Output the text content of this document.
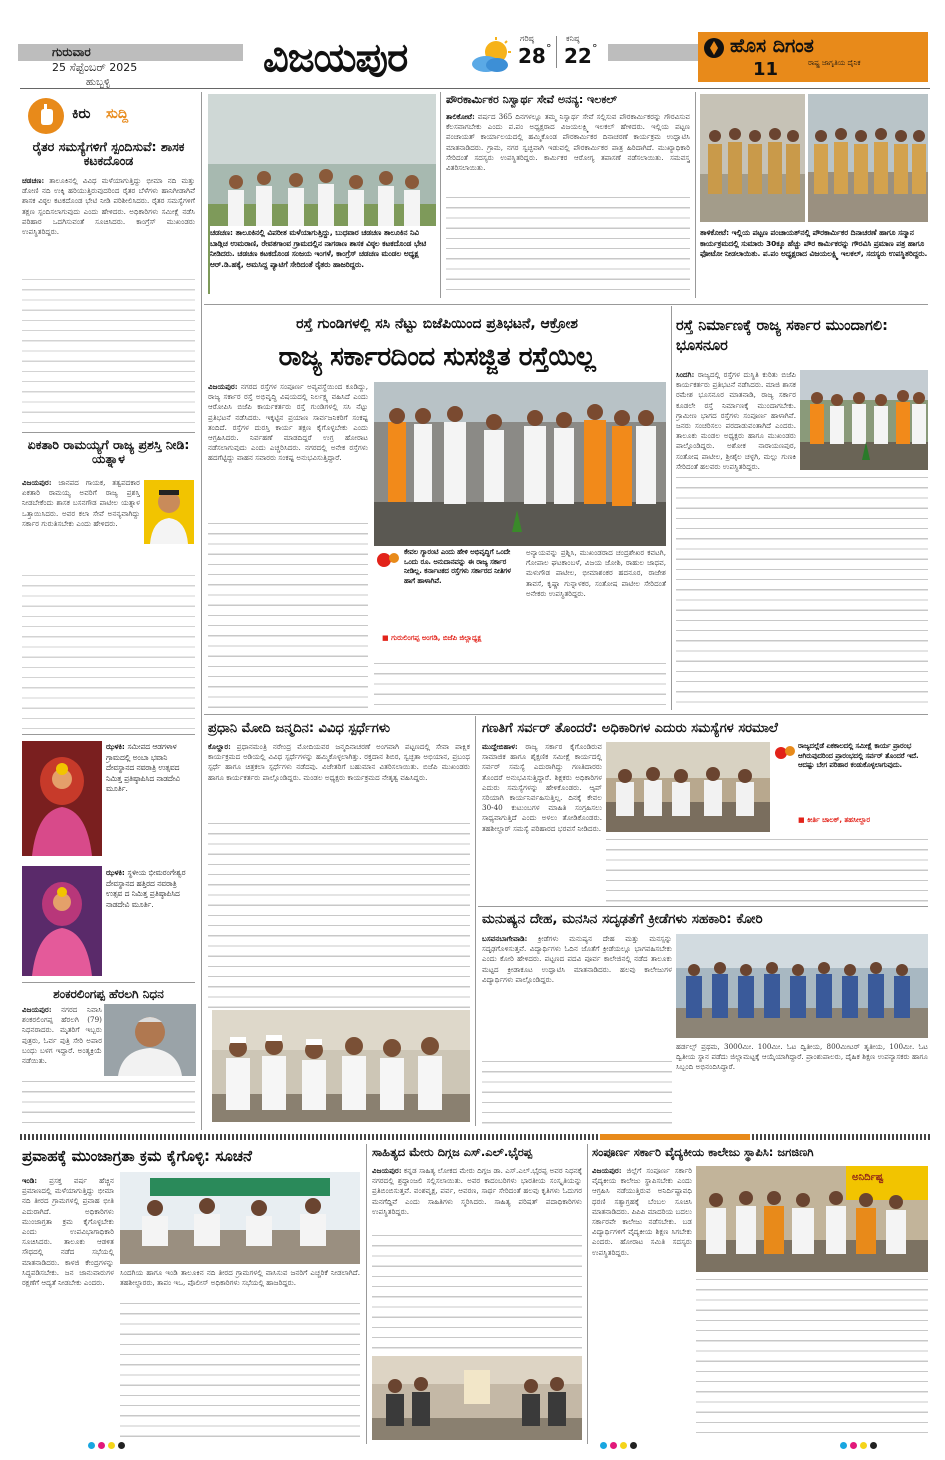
ಗುರುವಾರ
25 ಸೆಪ್ಟೆಂಬರ್ 2025
ಹುಬ್ಬಳ್ಳಿ
ವಿಜಯಪುರ	ಗರಿಷ್ಠ
28 °
ಕನಿಷ್ಠ
22 °	ಹೊಸ ದಿಗಂತ
ರಾಷ್ಟ್ರ ಜಾಗೃತಿಯ ದೈನಿಕ
11
ಕಿರು ಸುದ್ದಿ
ರೈತರ ಸಮಸ್ಯೆಗಳಿಗೆ ಸ್ಪಂದಿಸುವೆ: ಶಾಸಕ ಕಟಕದೊಂಡ
ಚಡಚಣ: ತಾಲೂಕಿನಲ್ಲಿ ವಿವಿಧ ಮಳೆಯಾಗುತ್ತಿದ್ದು ಭೀಮಾ ನದಿ ಮತ್ತು ಡೋಣಿ ನದಿ ಉಕ್ಕಿ ಹರಿಯುತ್ತಿರುವುದರಿಂದ ರೈತರ ಬೆಳೆಗಳು ಹಾನಿಗೀಡಾಗಿವೆ ಶಾಸಕ ವಿಠ್ಠಲ ಕಟಕದೊಂಡ ಭೇಟಿ ನೀಡಿ ಪರಿಶೀಲಿಸಿದರು. ರೈತರ ಸಮಸ್ಯೆಗಳಿಗೆ ತಕ್ಷಣ ಸ್ಪಂದಿಸಲಾಗುವುದು ಎಂದು ಹೇಳಿದರು. ಅಧಿಕಾರಿಗಳು ಸಮೀಕ್ಷೆ ನಡೆಸಿ ಪರಿಹಾರ ಒದಗಿಸುವಂತೆ ಸೂಚಿಸಿದರು. ಕಾಂಗ್ರೆಸ್ ಮುಖಂಡರು ಉಪಸ್ಥಿತರಿದ್ದರು.
ಏಕತಾರಿ ರಾಮಯ್ಯಗೆ ರಾಜ್ಯ ಪ್ರಶಸ್ತಿ ನೀಡಿ: ಯತ್ನಾಳ
ವಿಜಯಪುರ: ಜಾನಪದ ಗಾಯಕ, ತತ್ವಪದಕಾರ ಏಕತಾರಿ ರಾಮಯ್ಯ ಅವರಿಗೆ ರಾಜ್ಯ ಪ್ರಶಸ್ತಿ ನೀಡಬೇಕೆಂದು ಶಾಸಕ ಬಸನಗೌಡ ಪಾಟೀಲ ಯತ್ನಾಳ ಒತ್ತಾಯಿಸಿದರು. ಅವರ ಕಲಾ ಸೇವೆ ಅನನ್ಯವಾಗಿದ್ದು ಸರ್ಕಾರ ಗುರುತಿಸಬೇಕು ಎಂದು ಹೇಳಿದರು.
ಝಳಕಿ: ಸಮೀಪದ ಆಡಗಳಾಳ ಗ್ರಾಮದಲ್ಲಿ ಅಂಬಾ ಭವಾನಿ ದೇವಸ್ಥಾನದ ನವರಾತ್ರಿ ಉತ್ಸವದ ನಿಮಿತ್ತ ಪ್ರತಿಷ್ಠಾಪಿಸಿದ ನಾಡದೇವಿ ಮೂರ್ತಿ.
ಝಳಕಿ: ಸ್ಥಳೀಯ ಭೀಮರಂಗೇಶ್ವರ ದೇವಸ್ಥಾನದ ಹತ್ತಿರದ ನವರಾತ್ರಿ ಉತ್ಸವ ದ ನಿಮಿತ್ತ ಪ್ರತಿಷ್ಠಾಪಿಸಿದ ನಾಡದೇವಿ ಮೂರ್ತಿ.
ಶಂಕರಲಿಂಗಪ್ಪ ಹೆರಲಗಿ ನಿಧನ
ವಿಜಯಪುರ: ನಗರದ ನಿವಾಸಿ ಶಂಕರಲಿಂಗಪ್ಪ ಹೆರಲಗಿ (79) ನಿಧನರಾದರು. ಮೃತರಿಗೆ ಇಬ್ಬರು ಪುತ್ರರು, ಓರ್ವ ಪುತ್ರಿ ಸೇರಿ ಅಪಾರ ಬಂಧು ಬಳಗ ಇದ್ದಾರೆ. ಅಂತ್ಯಕ್ರಿಯೆ ನಡೆಯಿತು.
ಚಡಚಣ: ತಾಲೂಕಿನಲ್ಲಿ ವಿಪರೀತ ಮಳೆಯಾಗುತ್ತಿದ್ದು, ಬುಧವಾರ ಚಡಚಣ ತಾಲೂಕಿನ ನಿವಿ ಬಾಡ್ಗಿಚ ಉಮರಾಣಿ, ರೇವತಗಾಂವ ಗ್ರಾಮದಲ್ಲಿನ ನಾಗಠಾಣ ಶಾಸಕ ವಿಠ್ಠಲ ಕಟಕದೊಂಡ ಭೇಟಿ ನೀಡಿದರು. ಚಡಚಣ ಕಟಕದೊಂಡ ಸಂಜಯ ಇಂಗಳೆ, ಕಾಂಗ್ರೆಸ್ ಚಡಚಣ ಮಂಡಲ ಅಧ್ಯಕ್ಷ ಆರ್.ಡಿ.ಹಕ್ಕೆ, ಅಮಸಿದ್ದ ಪ್ಯಾಟಿಗೆ ಸೇರಿದಂತೆ ರೈತರು ಹಾಜರಿದ್ದರು.
ಪೌರಕಾರ್ಮಿಕರ ನಿಸ್ವಾರ್ಥ ಸೇವೆ ಅನನ್ಯ: ಇಲಕಲ್
ತಾಲಿಕೋಟೆ: ವರ್ಷದ 365 ದಿನಗಳಲ್ಲೂ ತಮ್ಮ ನಿಸ್ವಾರ್ಥ ಸೇವೆ ಸಲ್ಲಿಸುವ ಪೌರಕಾರ್ಮಿಕರನ್ನು ಗೌರವಿಸುವ ಕೆಲಸವಾಗಬೇಕು ಎಂದು ಪ.ಪಂ ಅಧ್ಯಕ್ಷರಾದ ವಿಜಯಲಕ್ಷ್ಮಿ ಇಲಕಲ್ ಹೇಳಿದರು. ಇಲ್ಲಿಯ ಪಟ್ಟಣ ಪಂಚಾಯತ್ ಕಾರ್ಯಾಲಯದಲ್ಲಿ ಹಮ್ಮಿಕೊಂಡ ಪೌರಕಾರ್ಮಿಕರ ದಿನಾಚರಣೆ ಕಾರ್ಯಕ್ರಮ ಉದ್ಘಾಟಿಸಿ ಮಾತನಾಡಿದರು. ಗ್ರಾಮ, ನಗರ ಸ್ವಚ್ಛವಾಗಿ ಇಡುವಲ್ಲಿ ಪೌರಕಾರ್ಮಿಕರ ಪಾತ್ರ ಹಿರಿದಾಗಿದೆ. ಮುಖ್ಯಾಧಿಕಾರಿ ಸೇರಿದಂತೆ ಸದಸ್ಯರು ಉಪಸ್ಥಿತರಿದ್ದರು. ಕಾರ್ಮಿಕರ ಆರೋಗ್ಯ ತಪಾಸಣೆ ನಡೆಸಲಾಯಿತು. ಸಮವಸ್ತ್ರ ವಿತರಿಸಲಾಯಿತು.
ತಾಳಿಕೋಟೆ: ಇಲ್ಲಿಯ ಪಟ್ಟಣ ಪಂಚಾಯತ್‌ನಲ್ಲಿ ಪೌರಕಾರ್ಮಿಕರ ದಿನಾಚರಣೆ ಹಾಗೂ ಸನ್ಮಾನ ಕಾರ್ಯಕ್ರಮದಲ್ಲಿ ಸುಮಾರು 30ಕ್ಕೂ ಹೆಚ್ಚು ಪೌರ ಕಾರ್ಮಿಕರನ್ನು ಗೌರವಿಸಿ ಪ್ರಮಾಣ ಪತ್ರ ಹಾಗೂ ಫೋಟೋ ನೀಡಲಾಯಿತು. ಪ.ಪಂ ಅಧ್ಯಕ್ಷರಾದ ವಿಜಯಲಕ್ಷ್ಮಿ ಇಲಕಲ್, ಸದಸ್ಯರು ಉಪಸ್ಥಿತರಿದ್ದರು.
ರಸ್ತೆ ಗುಂಡಿಗಳಲ್ಲಿ ಸಸಿ ನೆಟ್ಟು ಬಿಜೆಪಿಯಿಂದ ಪ್ರತಿಭಟನೆ, ಆಕ್ರೋಶ
ರಾಜ್ಯ ಸರ್ಕಾರದಿಂದ ಸುಸಜ್ಜಿತ ರಸ್ತೆಯಿಲ್ಲ
ವಿಜಯಪುರ: ನಗರದ ರಸ್ತೆಗಳ ಸಂಪೂರ್ಣ ಅವ್ಯವಸ್ಥೆಯಿಂದ ಕೂಡಿದ್ದು, ರಾಜ್ಯ ಸರ್ಕಾರ ರಸ್ತೆ ಅಭಿವೃದ್ಧಿ ವಿಷಯದಲ್ಲಿ ನಿರ್ಲಕ್ಷ್ಯ ವಹಿಸಿದೆ ಎಂದು ಆರೋಪಿಸಿ ಬಿಜೆಪಿ ಕಾರ್ಯಕರ್ತರು ರಸ್ತೆ ಗುಂಡಿಗಳಲ್ಲಿ ಸಸಿ ನೆಟ್ಟು ಪ್ರತಿಭಟನೆ ನಡೆಸಿದರು. ಇಕ್ಕಟ್ಟಿನ ಪ್ರಯಾಣ ಸಾರ್ವಜನಿಕರಿಗೆ ಸಂಕಷ್ಟ ತಂದಿದೆ. ರಸ್ತೆಗಳ ದುರಸ್ತಿ ಕಾರ್ಯ ತಕ್ಷಣ ಕೈಗೊಳ್ಳಬೇಕು ಎಂದು ಆಗ್ರಹಿಸಿದರು. ನಿರ್ವಹಣೆ ಮಾಡದಿದ್ದರೆ ಉಗ್ರ ಹೋರಾಟ ನಡೆಸಲಾಗುವುದು ಎಂದು ಎಚ್ಚರಿಸಿದರು. ನಗರದಲ್ಲಿ ಅನೇಕ ರಸ್ತೆಗಳು ಹದಗೆಟ್ಟಿದ್ದು ವಾಹನ ಸವಾರರು ಸಂಕಷ್ಟ ಅನುಭವಿಸುತ್ತಿದ್ದಾರೆ.
ಕೇವಲ ಗ್ಯಾರಂಟಿ ಎಂದು ಹೇಳಿ ಅಭಿವೃದ್ಧಿಗೆ ಒಂದೇ ಒಂದು ರೂ. ಅನುದಾನವನ್ನು ಈ ರಾಜ್ಯ ಸರ್ಕಾರ ನೀಡಿಲ್ಲ. ಕರ್ನಾಟಕದ ರಸ್ತೆಗಳು ಸರ್ಕಾರದ ನೀತಿಗಳ ಹಾಗೆ ಹಾಳಾಗಿವೆ.
■ ಗುರುಲಿಂಗಪ್ಪ ಅಂಗಡಿ, ಬಿಜೆಪಿ ಜಿಲ್ಲಾಧ್ಯಕ್ಷ
ಅನ್ಯಾಯವನ್ನು ಪ್ರಶ್ನಿಸಿ, ಮುಖಂಡರಾದ ಚಂದ್ರಶೇಖರ ಕವಟಗಿ, ಗೋಪಾಲ ಘಟಕಾಂಬಳೆ, ವಿಜಯ ಜೋಶಿ, ರಾಹುಲ ಜಾಧವ, ಮಳುಗೌಡ ಪಾಟೀಲ, ಭೀಮಾಶಂಕರ ಹದನೂರ, ರಾಜೇಶ ತಾವಸೆ, ಕೃಷ್ಣಾ ಗುನ್ನಾಳಕರ, ಸಂತೋಷ ಪಾಟೀಲ ಸೇರಿದಂತೆ ಅನೇಕರು ಉಪಸ್ಥಿತರಿದ್ದರು.
ರಸ್ತೆ ನಿರ್ಮಾಣಕ್ಕೆ ರಾಜ್ಯ ಸರ್ಕಾರ ಮುಂದಾಗಲಿ: ಭೂಸನೂರ
ಸಿಂದಗಿ: ರಾಜ್ಯದಲ್ಲಿ ರಸ್ತೆಗಳ ದುಸ್ಥಿತಿ ಕುರಿತು ಬಿಜೆಪಿ ಕಾರ್ಯಕರ್ತರು ಪ್ರತಿಭಟನೆ ನಡೆಸಿದರು. ಮಾಜಿ ಶಾಸಕ ರಮೇಶ ಭೂಸನೂರ ಮಾತನಾಡಿ, ರಾಜ್ಯ ಸರ್ಕಾರ ಕೂಡಲೇ ರಸ್ತೆ ನಿರ್ಮಾಣಕ್ಕೆ ಮುಂದಾಗಬೇಕು. ಗ್ರಾಮೀಣ ಭಾಗದ ರಸ್ತೆಗಳು ಸಂಪೂರ್ಣ ಹಾಳಾಗಿವೆ. ಜನರು ಸಂಚರಿಸಲು ಪರದಾಡುವಂತಾಗಿದೆ ಎಂದರು. ತಾಲೂಕು ಮಂಡಲ ಅಧ್ಯಕ್ಷರು ಹಾಗೂ ಮುಖಂಡರು ಪಾಲ್ಗೊಂಡಿದ್ದರು. ಅಶೋಕ ನಾರಾಯಣಪುರ, ಸಂತೋಷ ಪಾಟೀಲ, ಶ್ರೀಶೈಲ ಚಳ್ಳಗಿ, ಮಲ್ಲು ಗುಣಕಿ ಸೇರಿದಂತೆ ಹಲವರು ಉಪಸ್ಥಿತರಿದ್ದರು.
ಪ್ರಧಾನಿ ಮೋದಿ ಜನ್ಮದಿನ: ವಿವಿಧ ಸ್ಪರ್ಧೆಗಳು
ಕೊಲ್ಹಾರ: ಪ್ರಧಾನಮಂತ್ರಿ ನರೇಂದ್ರ ಮೋದಿಯವರ ಜನ್ಮದಿನಾಚರಣೆ ಅಂಗವಾಗಿ ಪಟ್ಟಣದಲ್ಲಿ ಸೇವಾ ಪಾಕ್ಷಿಕ ಕಾರ್ಯಕ್ರಮದ ಅಡಿಯಲ್ಲಿ ವಿವಿಧ ಸ್ಪರ್ಧೆಗಳನ್ನು ಹಮ್ಮಿಕೊಳ್ಳಲಾಗಿತ್ತು. ರಕ್ತದಾನ ಶಿಬಿರ, ಸ್ವಚ್ಛತಾ ಅಭಿಯಾನ, ಪ್ರಬಂಧ ಸ್ಪರ್ಧೆ ಹಾಗೂ ಚಿತ್ರಕಲಾ ಸ್ಪರ್ಧೆಗಳು ನಡೆದವು. ವಿಜೇತರಿಗೆ ಬಹುಮಾನ ವಿತರಿಸಲಾಯಿತು. ಬಿಜೆಪಿ ಮುಖಂಡರು ಹಾಗೂ ಕಾರ್ಯಕರ್ತರು ಪಾಲ್ಗೊಂಡಿದ್ದರು. ಮಂಡಲ ಅಧ್ಯಕ್ಷರು ಕಾರ್ಯಕ್ರಮದ ನೇತೃತ್ವ ವಹಿಸಿದ್ದರು.
ಗಣತಿಗೆ ಸರ್ವರ್ ತೊಂದರೆ: ಅಧಿಕಾರಿಗಳ ಎದುರು ಸಮಸ್ಯೆಗಳ ಸರಮಾಲೆ
ಮುದ್ದೇಬಿಹಾಳ: ರಾಜ್ಯ ಸರ್ಕಾರ ಕೈಗೊಂಡಿರುವ ಸಾಮಾಜಿಕ ಹಾಗೂ ಶೈಕ್ಷಣಿಕ ಸಮೀಕ್ಷೆ ಕಾರ್ಯದಲ್ಲಿ ಸರ್ವರ್ ಸಮಸ್ಯೆ ಎದುರಾಗಿದ್ದು ಗಣತಿದಾರರು ತೊಂದರೆ ಅನುಭವಿಸುತ್ತಿದ್ದಾರೆ. ಶಿಕ್ಷಕರು ಅಧಿಕಾರಿಗಳ ಎದುರು ಸಮಸ್ಯೆಗಳನ್ನು ಹೇಳಿಕೊಂಡರು. ಆ್ಯಪ್ ಸರಿಯಾಗಿ ಕಾರ್ಯನಿರ್ವಹಿಸುತ್ತಿಲ್ಲ. ದಿನಕ್ಕೆ ಕೇವಲ 30-40 ಕುಟುಂಬಗಳ ಮಾಹಿತಿ ಸಂಗ್ರಹಿಸಲು ಸಾಧ್ಯವಾಗುತ್ತಿದೆ ಎಂದು ಅಳಲು ತೋಡಿಕೊಂಡರು. ತಹಶೀಲ್ದಾರ್ ಸಮಸ್ಯೆ ಪರಿಹಾರದ ಭರವಸೆ ನೀಡಿದರು.
ರಾಜ್ಯದಲ್ಲೆಡೆ ಏಕಕಾಲದಲ್ಲಿ ಸಮೀಕ್ಷೆ ಕಾರ್ಯ ಪ್ರಾರಂಭ ಆಗಿರುವುದರಿಂದ ಪ್ರಾರಂಭದಲ್ಲಿ ಸರ್ವರ್ ತೊಂದರೆ ಇದೆ. ಆದಷ್ಟು ಬೇಗ ಪರಿಹಾರ ಕಂಡುಕೊಳ್ಳಲಾಗುವುದು.
■ ಕೀರ್ತಿ ಚಾಲಕ್, ತಹಸೀಲ್ದಾರ
ಮನುಷ್ಯನ ದೇಹ, ಮನಸಿನ ಸದೃಢತೆಗೆ ಕ್ರೀಡೆಗಳು ಸಹಕಾರಿ: ಕೋರಿ
ಬಸವನಬಾಗೇವಾಡಿ: ಕ್ರೀಡೆಗಳು ಮನುಷ್ಯನ ದೇಹ ಮತ್ತು ಮನಸ್ಸನ್ನು ಸದೃಢಗೊಳಿಸುತ್ತವೆ. ವಿದ್ಯಾರ್ಥಿಗಳು ಓದಿನ ಜೊತೆಗೆ ಕ್ರೀಡೆಯಲ್ಲೂ ಭಾಗವಹಿಸಬೇಕು ಎಂದು ಕೋರಿ ಹೇಳಿದರು. ಪಟ್ಟಣದ ಪದವಿ ಪೂರ್ವ ಕಾಲೇಜಿನಲ್ಲಿ ನಡೆದ ತಾಲೂಕು ಮಟ್ಟದ ಕ್ರೀಡಾಕೂಟ ಉದ್ಘಾಟಿಸಿ ಮಾತನಾಡಿದರು. ಹಲವು ಕಾಲೇಜುಗಳ ವಿದ್ಯಾರ್ಥಿಗಳು ಪಾಲ್ಗೊಂಡಿದ್ದರು.
ಹರ್ಡಲ್ಸ್ ಪ್ರಥಮ, 3000ಮೀ. 100ಮೀ. ಓಟ ದ್ವಿತೀಯ, 800ಮೀಟರ್ ತೃತೀಯ, 100ಮೀ. ಓಟ ದ್ವಿತೀಯ ಸ್ಥಾನ ಪಡೆದು ಜಿಲ್ಲಾಮಟ್ಟಕ್ಕೆ ಆಯ್ಕೆಯಾಗಿದ್ದಾರೆ. ಪ್ರಾಂಶುಪಾಲರು, ದೈಹಿಕ ಶಿಕ್ಷಣ ಉಪನ್ಯಾಸಕರು ಹಾಗೂ ಸಿಬ್ಬಂದಿ ಅಭಿನಂದಿಸಿದ್ದಾರೆ.
ಪ್ರವಾಹಕ್ಕೆ ಮುಂಜಾಗ್ರತಾ ಕ್ರಮ ಕೈಗೊಳ್ಳಿ: ಸೂಚನೆ
ಇಂಡಿ: ಪ್ರಸಕ್ತ ವರ್ಷ ಹೆಚ್ಚಿನ ಪ್ರಮಾಣದಲ್ಲಿ ಮಳೆಯಾಗುತ್ತಿದ್ದು ಭೀಮಾ ನದಿ ತೀರದ ಗ್ರಾಮಗಳಲ್ಲಿ ಪ್ರವಾಹ ಭೀತಿ ಎದುರಾಗಿದೆ. ಅಧಿಕಾರಿಗಳು ಮುಂಜಾಗ್ರತಾ ಕ್ರಮ ಕೈಗೊಳ್ಳಬೇಕು ಎಂದು ಉಪವಿಭಾಗಾಧಿಕಾರಿ ಸೂಚಿಸಿದರು. ತಾಲೂಕು ಆಡಳಿತ ಸೌಧದಲ್ಲಿ ನಡೆದ ಸಭೆಯಲ್ಲಿ ಮಾತನಾಡಿದರು. ಕಾಳಜಿ ಕೇಂದ್ರಗಳನ್ನು ಸಿದ್ಧಪಡಿಸಬೇಕು. ಜನ ಜಾನುವಾರುಗಳ ರಕ್ಷಣೆಗೆ ಆದ್ಯತೆ ನೀಡಬೇಕು ಎಂದರು.
ಸಿಂದಗಿಯ ಹಾಗೂ ಇಂಡಿ ತಾಲೂಕಿನ ನದಿ ತೀರದ ಗ್ರಾಮಗಳಲ್ಲಿ ವಾಸಿಸುವ ಜನರಿಗೆ ಎಚ್ಚರಿಕೆ ನೀಡಲಾಗಿದೆ. ತಹಶೀಲ್ದಾರರು, ತಾಪಂ ಇಒ, ಪೊಲೀಸ್ ಅಧಿಕಾರಿಗಳು ಸಭೆಯಲ್ಲಿ ಹಾಜರಿದ್ದರು.
ಸಾಹಿತ್ಯದ ಮೇರು ದಿಗ್ಗಜ ಎಸ್.ಎಲ್.ಭೈರಪ್ಪ
ವಿಜಯಪುರ: ಕನ್ನಡ ಸಾಹಿತ್ಯ ಲೋಕದ ಮೇರು ದಿಗ್ಗಜ ಡಾ. ಎಸ್.ಎಲ್.ಭೈರಪ್ಪ ಅವರ ನಿಧನಕ್ಕೆ ನಗರದಲ್ಲಿ ಶ್ರದ್ಧಾಂಜಲಿ ಸಲ್ಲಿಸಲಾಯಿತು. ಅವರ ಕಾದಂಬರಿಗಳು ಭಾರತೀಯ ಸಂಸ್ಕೃತಿಯನ್ನು ಪ್ರತಿಬಿಂಬಿಸುತ್ತವೆ. ವಂಶವೃಕ್ಷ, ಪರ್ವ, ಆವರಣ, ಸಾರ್ಥ ಸೇರಿದಂತೆ ಹಲವು ಕೃತಿಗಳು ಓದುಗರ ಮನಗೆದ್ದಿವೆ ಎಂದು ಸಾಹಿತಿಗಳು ಸ್ಮರಿಸಿದರು. ಸಾಹಿತ್ಯ ಪರಿಷತ್ ಪದಾಧಿಕಾರಿಗಳು ಉಪಸ್ಥಿತರಿದ್ದರು.
ಸಂಪೂರ್ಣ ಸರ್ಕಾರಿ ವೈದ್ಯಕೀಯ ಕಾಲೇಜು ಸ್ಥಾಪಿಸಿ: ಜಗಜಿಣಗಿ
ವಿಜಯಪುರ: ಜಿಲ್ಲೆಗೆ ಸಂಪೂರ್ಣ ಸರ್ಕಾರಿ ವೈದ್ಯಕೀಯ ಕಾಲೇಜು ಸ್ಥಾಪಿಸಬೇಕು ಎಂದು ಆಗ್ರಹಿಸಿ ನಡೆಯುತ್ತಿರುವ ಅನಿರ್ದಿಷ್ಟಾವಧಿ ಧರಣಿ ಸತ್ಯಾಗ್ರಹಕ್ಕೆ ಬೆಂಬಲ ಸೂಚಿಸಿ ಮಾತನಾಡಿದರು. ಪಿಪಿಪಿ ಮಾದರಿಯ ಬದಲು ಸರ್ಕಾರವೇ ಕಾಲೇಜು ನಡೆಸಬೇಕು. ಬಡ ವಿದ್ಯಾರ್ಥಿಗಳಿಗೆ ವೈದ್ಯಕೀಯ ಶಿಕ್ಷಣ ಸಿಗಬೇಕು ಎಂದರು. ಹೋರಾಟ ಸಮಿತಿ ಸದಸ್ಯರು ಉಪಸ್ಥಿತರಿದ್ದರು.
ಅನಿರ್ದಿಷ್ಟ
